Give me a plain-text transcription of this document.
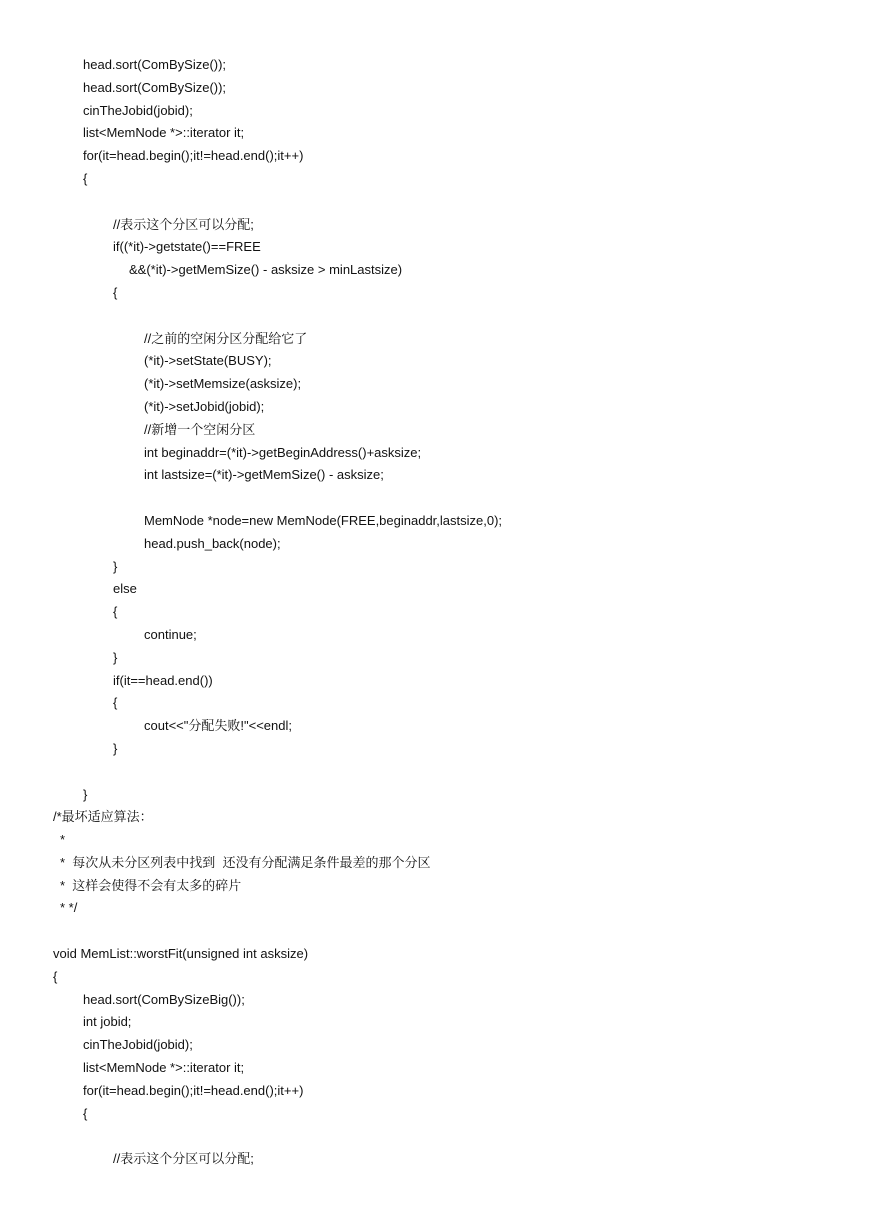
head.sort(ComBySize());
head.sort(ComBySize());
cinTheJobid(jobid);
list<MemNode *>::iterator it;
for(it=head.begin();it!=head.end();it++)
{
//表示这个分区可以分配;
if((*it)->getstate()==FREE
&&(*it)->getMemSize() - asksize > minLastsize)
{
//之前的空闲分区分配给它了
(*it)->setState(BUSY);
(*it)->setMemsize(asksize);
(*it)->setJobid(jobid);
//新增一个空闲分区
int beginaddr=(*it)->getBeginAddress()+asksize;
int lastsize=(*it)->getMemSize() - asksize;
MemNode *node=new MemNode(FREE,beginaddr,lastsize,0);
head.push_back(node);
}
else
{
continue;
}
if(it==head.end())
{
cout<<"分配失败!"<<endl;
}
}
/*最坏适应算法：
*
*  每次从未分区列表中找到  还没有分配满足条件最差的那个分区
*  这样会使得不会有太多的碎片
* */
void MemList::worstFit(unsigned int asksize)
{
head.sort(ComBySizeBig());
int jobid;
cinTheJobid(jobid);
list<MemNode *>::iterator it;
for(it=head.begin();it!=head.end();it++)
{
//表示这个分区可以分配;
